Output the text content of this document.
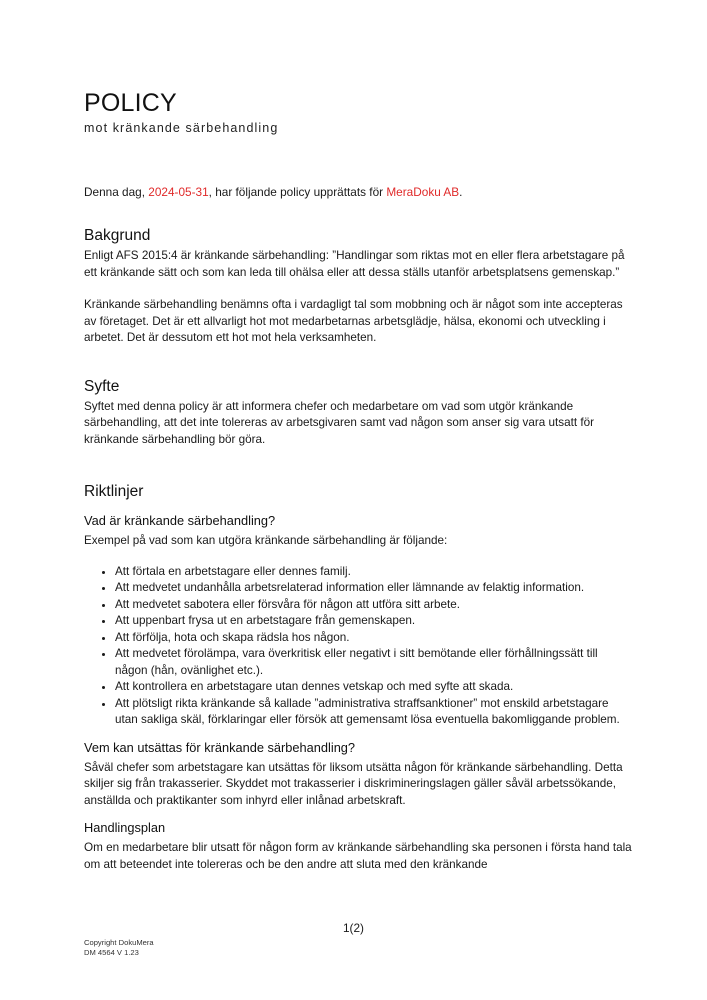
POLICY
mot kränkande särbehandling

Denna dag, 2024-05-31, har följande policy upprättats för MeraDoku AB.

Bakgrund

Enligt AFS 2015:4 är kränkande särbehandling: ”Handlingar som riktas mot en eller flera arbetstagare på ett kränkande sätt och som kan leda till ohälsa eller att dessa ställs utanför arbetsplatsens gemenskap.”

Kränkande särbehandling benämns ofta i vardagligt tal som mobbning och är något som inte accepteras av företaget. Det är ett allvarligt hot mot medarbetarnas arbetsglädje, hälsa, ekonomi och utveckling i arbetet. Det är dessutom ett hot mot hela verksamheten.

Syfte

Syftet med denna policy är att informera chefer och medarbetare om vad som utgör kränkande särbehandling, att det inte tolereras av arbetsgivaren samt vad någon som anser sig vara utsatt för kränkande särbehandling bör göra.

Riktlinjer
Vad är kränkande särbehandling?

Exempel på vad som kan utgöra kränkande särbehandling är följande:

• Att förtala en arbetstagare eller dennes familj.
• Att medvetet undanhålla arbetsrelaterad information eller lämnande av felaktig information.
• Att medvetet sabotera eller försvåra för någon att utföra sitt arbete.
• Att uppenbart frysa ut en arbetstagare från gemenskapen.
• Att förfölja, hota och skapa rädsla hos någon.
• Att medvetet förolämpa, vara överkritisk eller negativt i sitt bemötande eller förhållningssätt till någon (hån, ovänlighet etc.).
• Att kontrollera en arbetstagare utan dennes vetskap och med syfte att skada.
• Att plötsligt rikta kränkande så kallade ”administrativa straffsanktioner” mot enskild arbetstagare utan sakliga skäl, förklaringar eller försök att gemensamt lösa eventuella bakomliggande problem.
Vem kan utsättas för kränkande särbehandling?

Såväl chefer som arbetstagare kan utsättas för liksom utsätta någon för kränkande särbehandling. Detta skiljer sig från trakasserier. Skyddet mot trakasserier i diskrimineringslagen gäller såväl arbetssökande, anställda och praktikanter som inhyrd eller inlånad arbetskraft.

Handlingsplan

Om en medarbetare blir utsatt för någon form av kränkande särbehandling ska personen i första hand tala om att beteendet inte tolereras och be den andre att sluta med den kränkande

1(2)
Copyright DokuMera
DM 4564 V 1.23
